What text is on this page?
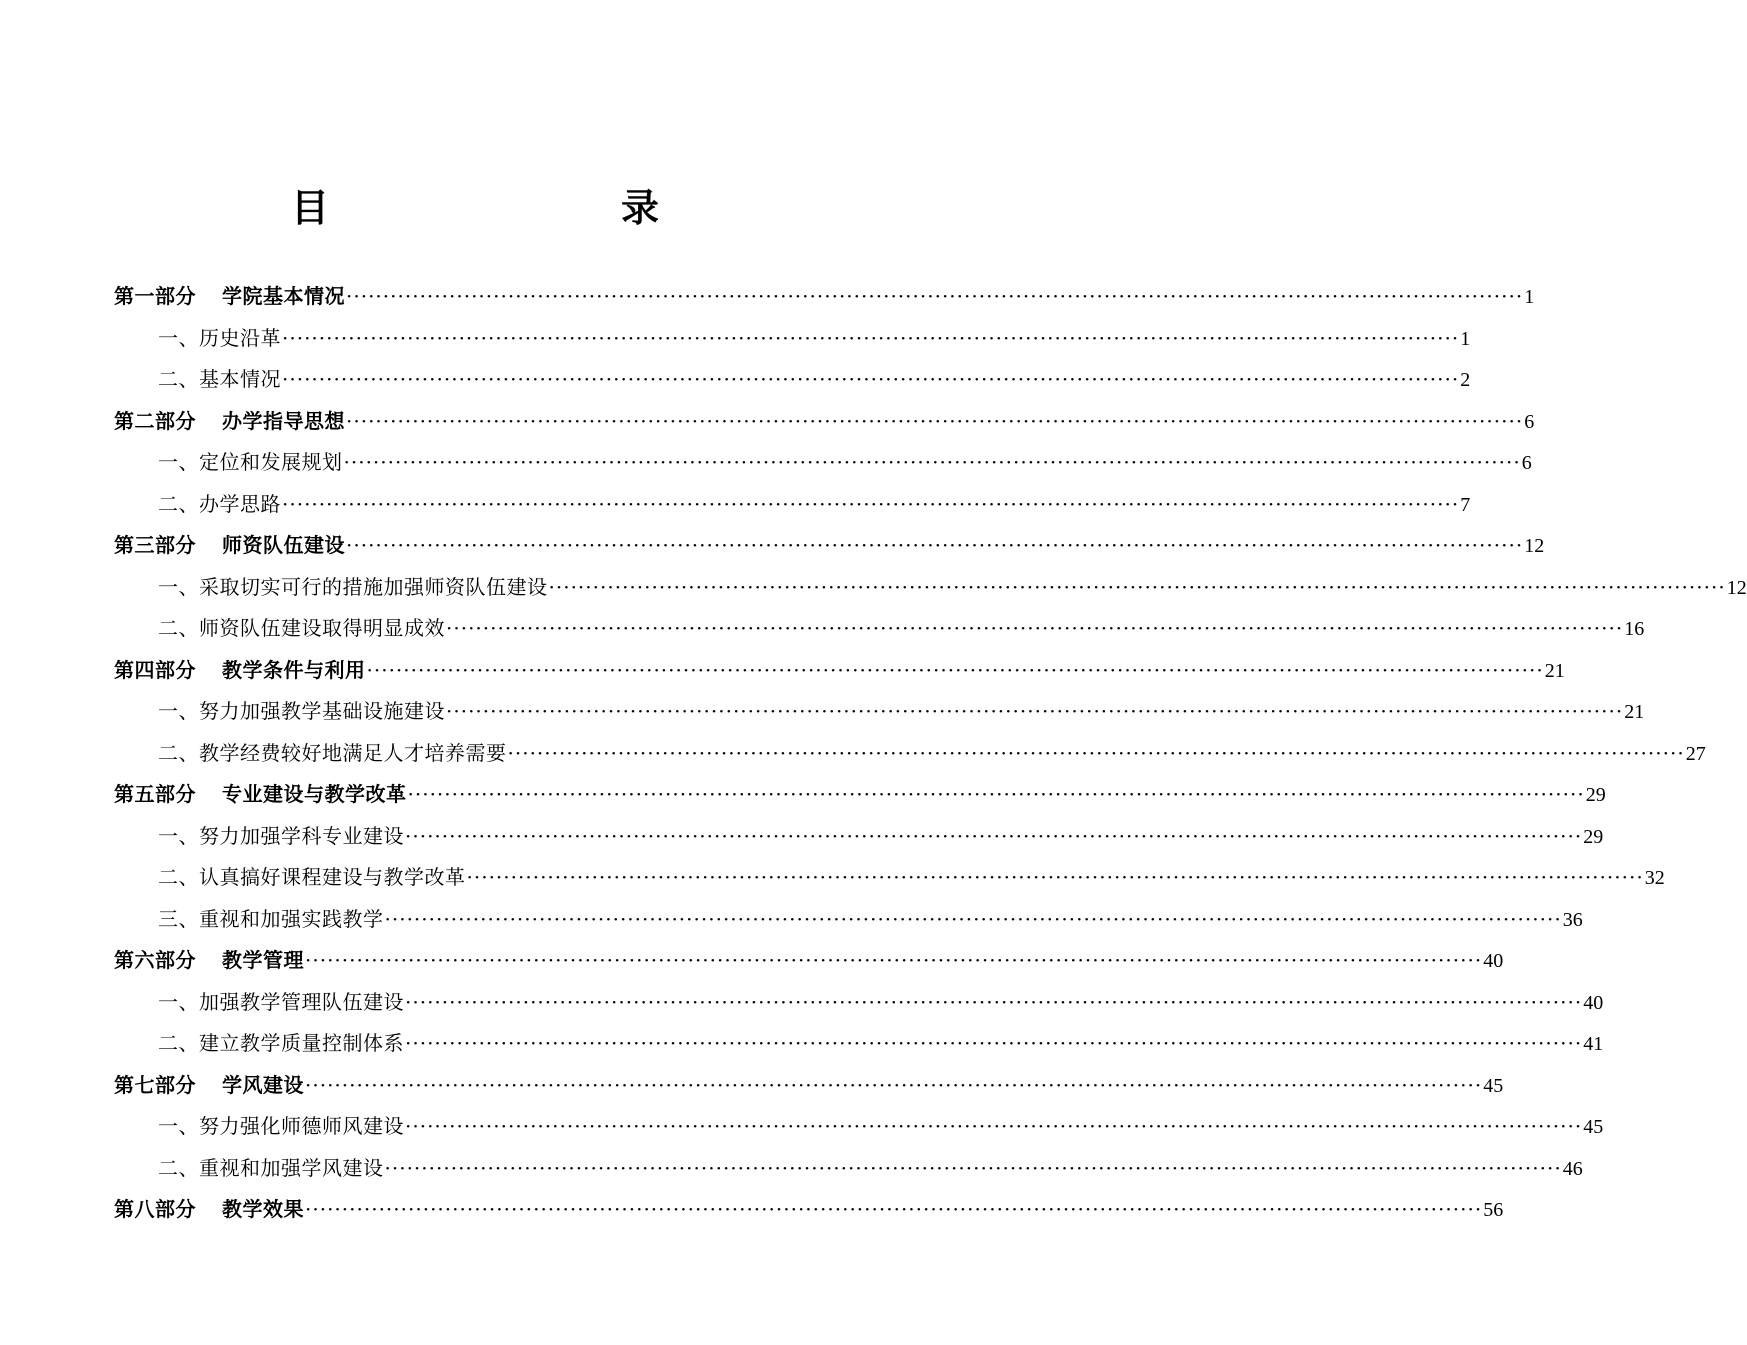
目　　录
第一部分 学院基本情况 ································································································································································ 1
一、历史沿革 ································································································································································ 1
二、基本情况 ································································································································································ 2
第二部分 办学指导思想 ································································································································································ 6
一、定位和发展规划 ································································································································································ 6
二、办学思路 ································································································································································ 7
第三部分 师资队伍建设 ································································································································································ 12
一、采取切实可行的措施加强师资队伍建设 ································································································································································ 12
二、师资队伍建设取得明显成效 ································································································································································ 16
第四部分 教学条件与利用 ································································································································································ 21
一、努力加强教学基础设施建设 ································································································································································ 21
二、教学经费较好地满足人才培养需要 ································································································································································ 27
第五部分 专业建设与教学改革 ································································································································································ 29
一、努力加强学科专业建设 ································································································································································ 29
二、认真搞好课程建设与教学改革 ································································································································································ 32
三、重视和加强实践教学 ································································································································································ 36
第六部分 教学管理 ································································································································································ 40
一、加强教学管理队伍建设 ································································································································································ 40
二、建立教学质量控制体系 ································································································································································ 41
第七部分 学风建设 ································································································································································ 45
一、努力强化师德师风建设 ································································································································································ 45
二、重视和加强学风建设 ································································································································································ 46
第八部分 教学效果 ································································································································································ 56
